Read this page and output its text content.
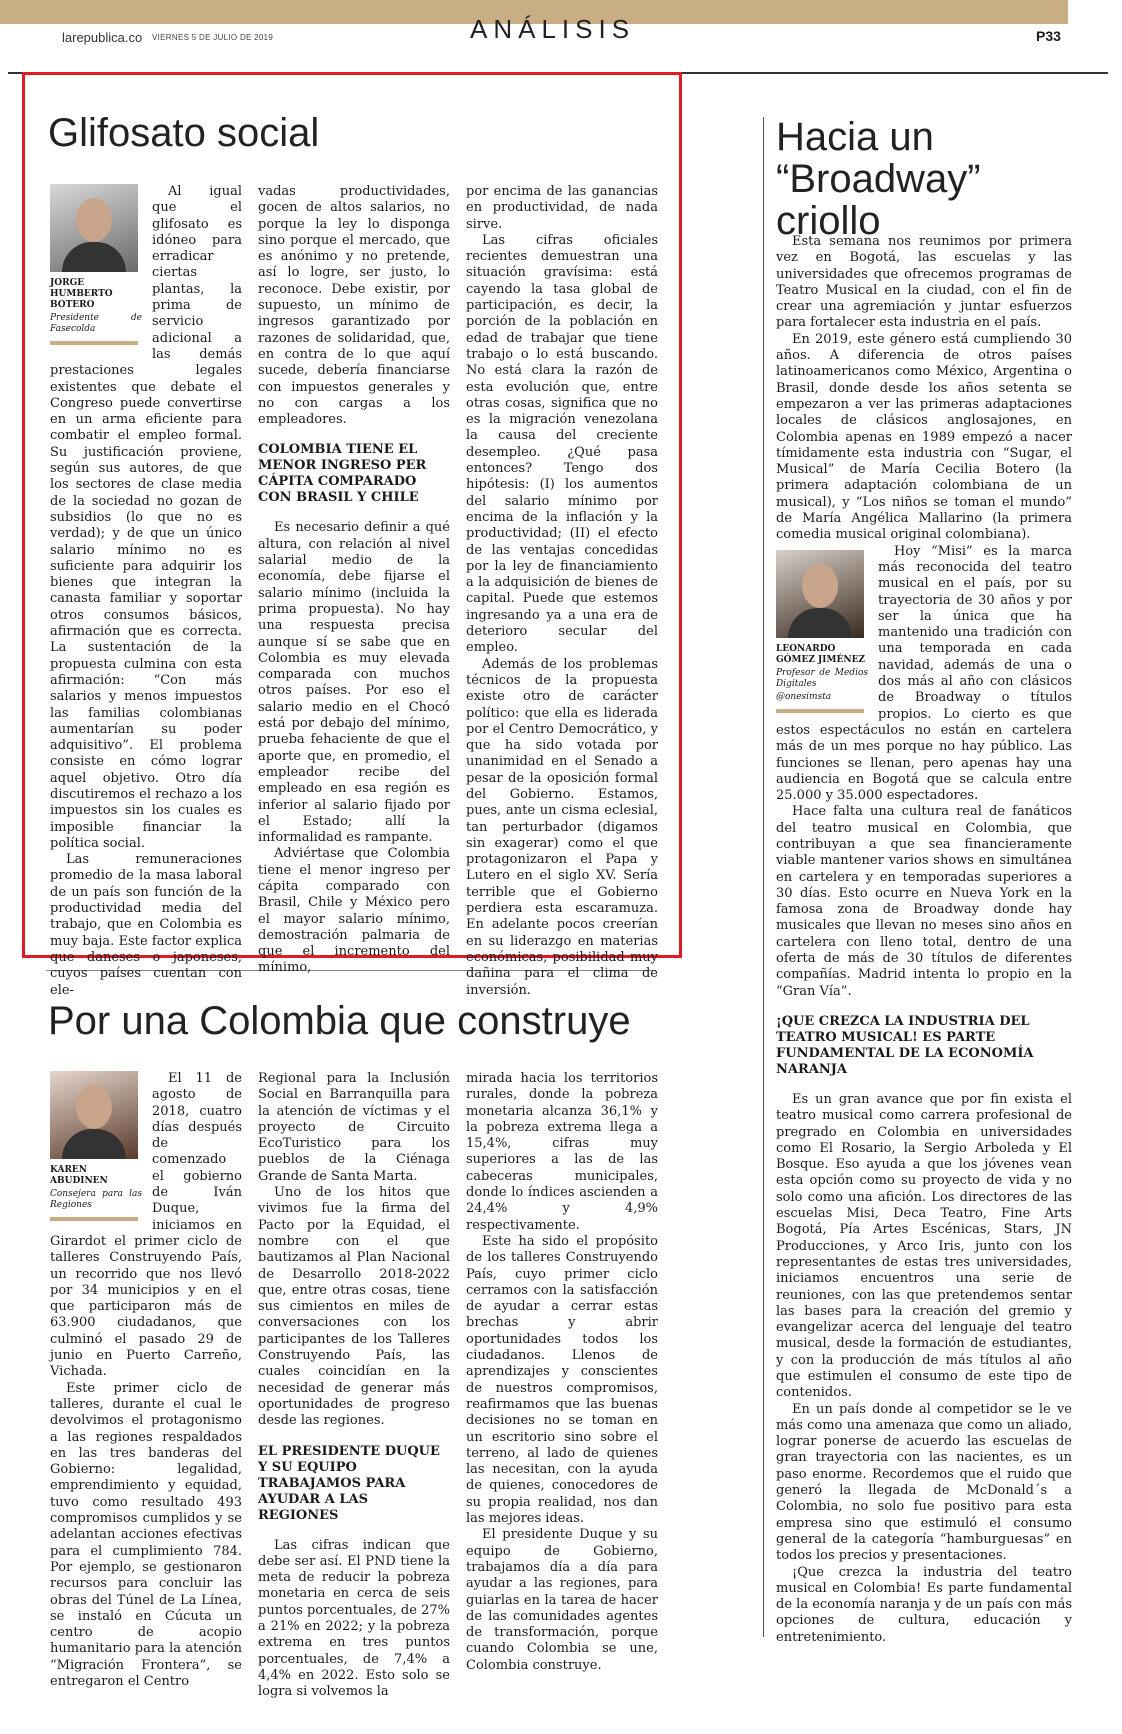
larepublica.co VIERNES 5 DE JULIO DE 2019	ANÁLISIS	P33
Glifosato social
JORGE HUMBERTO BOTERO
Presidente de Fasecolda

Al igual que el glifosato es idóneo para erradicar ciertas plantas, la prima de servicio adicional a las demás prestaciones legales existentes que debate el Congreso puede convertirse en un arma eficiente para combatir el empleo formal. Su justificación proviene, según sus autores, de que los sectores de clase media de la sociedad no gozan de subsidios (lo que no es verdad); y de que un único salario mínimo no es suficiente para adquirir los bienes que integran la canasta familiar y soportar otros consumos básicos, afirmación que es correcta. La sustentación de la propuesta culmina con esta afirmación: “Con más salarios y menos impuestos las familias colombianas aumentarían su poder adquisitivo”. El problema consiste en cómo lograr aquel objetivo. Otro día discutiremos el rechazo a los impuestos sin los cuales es imposible financiar la política social.

Las remuneraciones promedio de la masa laboral de un país son función de la productividad media del trabajo, que en Colombia es muy baja. Este factor explica que daneses o japoneses, cuyos países cuentan con ele-

vadas productividades, gocen de altos salarios, no porque la ley lo disponga sino porque el mercado, que es anónimo y no pretende, así lo logre, ser justo, lo reconoce. Debe existir, por supuesto, un mínimo de ingresos garantizado por razones de solidaridad, que, en contra de lo que aquí sucede, debería financiarse con impuestos generales y no con cargas a los empleadores.

COLOMBIA TIENE EL MENOR INGRESO PER CÁPITA COMPARADO CON BRASIL Y CHILE

Es necesario definir a qué altura, con relación al nivel salarial medio de la economía, debe fijarse el salario mínimo (incluida la prima propuesta). No hay una respuesta precisa aunque sí se sabe que en Colombia es muy elevada comparada con muchos otros países. Por eso el salario medio en el Chocó está por debajo del mínimo, prueba fehaciente de que el aporte que, en promedio, el empleador recibe del empleado en esa región es inferior al salario fijado por el Estado; allí la informalidad es rampante.

Adviértase que Colombia tiene el menor ingreso per cápita comparado con Brasil, Chile y México pero el mayor salario mínimo, demostración palmaria de que el incremento del mínimo,

por encima de las ganancias en productividad, de nada sirve.

Las cifras oficiales recientes demuestran una situación gravísima: está cayendo la tasa global de participación, es decir, la porción de la población en edad de trabajar que tiene trabajo o lo está buscando. No está clara la razón de esta evolución que, entre otras cosas, significa que no es la migración venezolana la causa del creciente desempleo. ¿Qué pasa entonces? Tengo dos hipótesis: (I) los aumentos del salario mínimo por encima de la inflación y la productividad; (II) el efecto de las ventajas concedidas por la ley de financiamiento a la adquisición de bienes de capital. Puede que estemos ingresando ya a una era de deterioro secular del empleo.

Además de los problemas técnicos de la propuesta existe otro de carácter político: que ella es liderada por el Centro Democrático, y que ha sido votada por unanimidad en el Senado a pesar de la oposición formal del Gobierno. Estamos, pues, ante un cisma eclesial, tan perturbador (digamos sin exagerar) como el que protagonizaron el Papa y Lutero en el siglo XV. Sería terrible que el Gobierno perdiera esta escaramuza. En adelante pocos creerían en su liderazgo en materias económicas, posibilidad muy dañina para el clima de inversión.

Por una Colombia que construye
KAREN ABUDINEN
Consejera para las Regiones

El 11 de agosto de 2018, cuatro días después de comenzado el gobierno de Iván Duque, iniciamos en Girardot el primer ciclo de talleres Construyendo País, un recorrido que nos llevó por 34 municipios y en el que participaron más de 63.900 ciudadanos, que culminó el pasado 29 de junio en Puerto Carreño, Vichada.

Este primer ciclo de talleres, durante el cual le devolvimos el protagonismo a las regiones respaldados en las tres banderas del Gobierno: legalidad, emprendimiento y equidad, tuvo como resultado 493 compromisos cumplidos y se adelantan acciones efectivas para el cumplimiento 784. Por ejemplo, se gestionaron recursos para concluir las obras del Túnel de La Línea, se instaló en Cúcuta un centro de acopio humanitario para la atención “Migración Frontera”, se entregaron el Centro

Regional para la Inclusión Social en Barranquilla para la atención de víctimas y el proyecto de Circuito EcoTuristico para los pueblos de la Ciénaga Grande de Santa Marta.

Uno de los hitos que vivimos fue la firma del Pacto por la Equidad, el nombre con el que bautizamos al Plan Nacional de Desarrollo 2018-2022 que, entre otras cosas, tiene sus cimientos en miles de conversaciones con los participantes de los Talleres Construyendo País, las cuales coincidían en la necesidad de generar más oportunidades de progreso desde las regiones.

EL PRESIDENTE DUQUE Y SU EQUIPO TRABAJAMOS PARA AYUDAR A LAS REGIONES

Las cifras indican que debe ser así. El PND tiene la meta de reducir la pobreza monetaria en cerca de seis puntos porcentuales, de 27% a 21% en 2022; y la pobreza extrema en tres puntos porcentuales, de 7,4% a 4,4% en 2022. Esto solo se logra si volvemos la

mirada hacia los territorios rurales, donde la pobreza monetaria alcanza 36,1% y la pobreza extrema llega a 15,4%, cifras muy superiores a las de las cabeceras municipales, donde lo índices ascienden a 24,4% y 4,9% respectivamente.

Este ha sido el propósito de los talleres Construyendo País, cuyo primer ciclo cerramos con la satisfacción de ayudar a cerrar estas brechas y abrir oportunidades todos los ciudadanos. Llenos de aprendizajes y conscientes de nuestros compromisos, reafirmamos que las buenas decisiones no se toman en un escritorio sino sobre el terreno, al lado de quienes las necesitan, con la ayuda de quienes, conocedores de su propia realidad, nos dan las mejores ideas.

El presidente Duque y su equipo de Gobierno, trabajamos día a día para ayudar a las regiones, para guiarlas en la tarea de hacer de las comunidades agentes de transformación, porque cuando Colombia se une, Colombia construye.

Hacia un “Broadway” criollo

Esta semana nos reunimos por primera vez en Bogotá, las escuelas y las universidades que ofrecemos programas de Teatro Musical en la ciudad, con el fin de crear una agremiación y juntar esfuerzos para fortalecer esta industria en el país.

En 2019, este género está cumpliendo 30 años. A diferencia de otros países latinoamericanos como México, Argentina o Brasil, donde desde los años setenta se empezaron a ver las primeras adaptaciones locales de clásicos anglosajones, en Colombia apenas en 1989 empezó a nacer tímidamente esta industria con “Sugar, el Musical” de María Cecilia Botero (la primera adaptación colombiana de un musical), y “Los niños se toman el mundo” de María Angélica Mallarino (la primera comedia musical original colombiana).

LEONARDO GÓMEZ JIMÉNEZ
Profesor de Medios Digitales
@onesimsta

Hoy “Misi” es la marca más reconocida del teatro musical en el país, por su trayectoria de 30 años y por ser la única que ha mantenido una tradición con una temporada en cada navidad, además de una o dos más al año con clásicos de Broadway o títulos propios. Lo cierto es que estos espectáculos no están en cartelera más de un mes porque no hay público. Las funciones se llenan, pero apenas hay una audiencia en Bogotá que se calcula entre 25.000 y 35.000 espectadores.

Hace falta una cultura real de fanáticos del teatro musical en Colombia, que contribuyan a que sea financieramente viable mantener varios shows en simultánea en cartelera y en temporadas superiores a 30 días. Esto ocurre en Nueva York en la famosa zona de Broadway donde hay musicales que llevan no meses sino años en cartelera con lleno total, dentro de una oferta de más de 30 títulos de diferentes compañías. Madrid intenta lo propio en la “Gran Vía”.

¡QUE CREZCA LA INDUSTRIA DEL TEATRO MUSICAL! ES PARTE FUNDAMENTAL DE LA ECONOMÍA NARANJA

Es un gran avance que por fin exista el teatro musical como carrera profesional de pregrado en Colombia en universidades como El Rosario, la Sergio Arboleda y El Bosque. Eso ayuda a que los jóvenes vean esta opción como su proyecto de vida y no solo como una afición. Los directores de las escuelas Misi, Deca Teatro, Fine Arts Bogotá, Pía Artes Escénicas, Stars, JN Producciones, y Arco Iris, junto con los representantes de estas tres universidades, iniciamos encuentros una serie de reuniones, con las que pretendemos sentar las bases para la creación del gremio y evangelizar acerca del lenguaje del teatro musical, desde la formación de estudiantes, y con la producción de más títulos al año que estimulen el consumo de este tipo de contenidos.

En un país donde al competidor se le ve más como una amenaza que como un aliado, lograr ponerse de acuerdo las escuelas de gran trayectoria con las nacientes, es un paso enorme. Recordemos que el ruido que generó la llegada de McDonald´s a Colombia, no solo fue positivo para esta empresa sino que estimuló el consumo general de la categoría “hamburguesas” en todos los precios y presentaciones.

¡Que crezca la industria del teatro musical en Colombia! Es parte fundamental de la economía naranja y de un país con más opciones de cultura, educación y entretenimiento.
